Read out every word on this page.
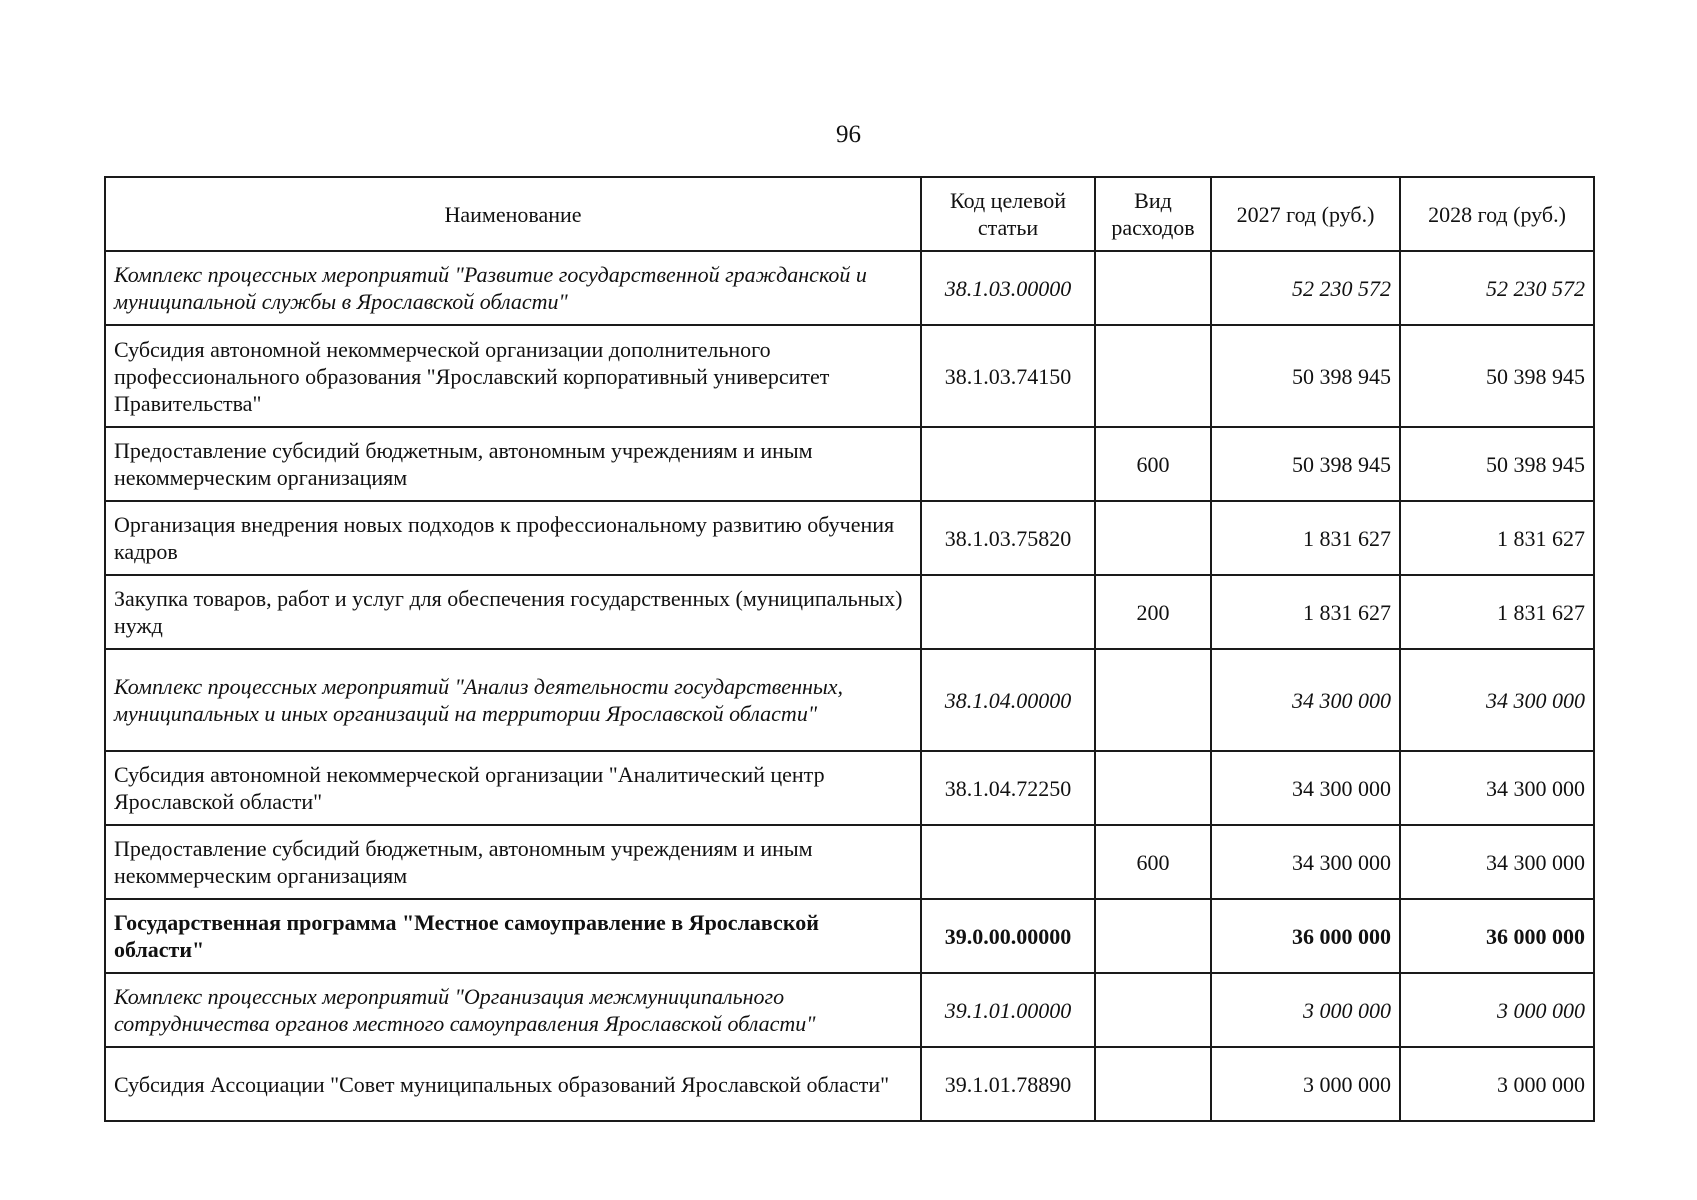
96
Наименование	Код целевой статьи	Вид расходов	2027 год (руб.)	2028 год (руб.)
Комплекс процессных мероприятий "Развитие государственной гражданской и муниципальной службы в Ярославской области"	38.1.03.00000		52 230 572	52 230 572
Субсидия автономной некоммерческой организации дополнительного профессионального образования "Ярославский корпоративный университет Правительства"	38.1.03.74150		50 398 945	50 398 945
Предоставление субсидий бюджетным, автономным учреждениям и иным некоммерческим организациям		600	50 398 945	50 398 945
Организация внедрения новых подходов к профессиональному развитию обучения кадров	38.1.03.75820		1 831 627	1 831 627
Закупка товаров, работ и услуг для обеспечения государственных (муниципальных) нужд		200	1 831 627	1 831 627
Комплекс процессных мероприятий "Анализ деятельности государственных, муниципальных и иных организаций на территории Ярославской области"	38.1.04.00000		34 300 000	34 300 000
Субсидия автономной некоммерческой организации "Аналитический центр Ярославской области"	38.1.04.72250		34 300 000	34 300 000
Предоставление субсидий бюджетным, автономным учреждениям и иным некоммерческим организациям		600	34 300 000	34 300 000
Государственная программа "Местное самоуправление в Ярославской области"	39.0.00.00000		36 000 000	36 000 000
Комплекс процессных мероприятий "Организация межмуниципального сотрудничества органов местного самоуправления Ярославской области"	39.1.01.00000		3 000 000	3 000 000
Субсидия Ассоциации "Совет муниципальных образований Ярославской области"	39.1.01.78890		3 000 000	3 000 000
